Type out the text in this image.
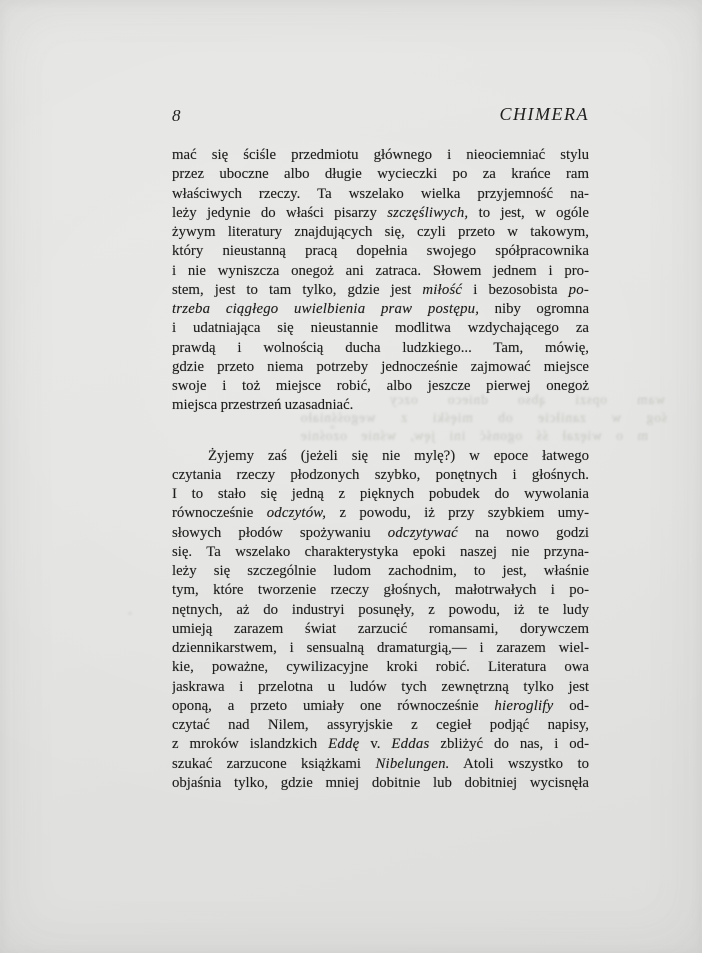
8	CHIMERA
wam opszi ąbso dnieco ozcy
śog w zaniłcie ob mięśki z wegośśniało
m o więzał śś ogonść ini jęw, wśnie ozośnie
mać się ściśle przedmiotu głównego i nieociemniać stylu
przez uboczne albo długie wycieczki po za krańce ram
właściwych rzeczy. Ta wszelako wielka przyjemność na-
leży jedynie do właści pisarzy szczęśliwych, to jest, w ogóle
żywym literatury znajdujących się, czyli przeto w takowym,
który nieustanną pracą dopełnia swojego spółpracownika
i nie wyniszcza onegoż ani zatraca. Słowem jednem i pro-
stem, jest to tam tylko, gdzie jest miłość i bezosobista po-
trzeba ciągłego uwielbienia praw postępu, niby ogromna
i udatniająca się nieustannie modlitwa wzdychającego za
prawdą i wolnością ducha ludzkiego... Tam, mówię,
gdzie przeto niema potrzeby jednocześnie zajmować miejsce
swoje i toż miejsce robić, albo jeszcze pierwej onegoż
miejsca przestrzeń uzasadniać.
Żyjemy zaś (jeżeli się nie mylę?) w epoce łatwego
czytania rzeczy płodzonych szybko, ponętnych i głośnych.
I to stało się jedną z pięknych pobudek do wywolania
równocześnie odczytów, z powodu, iż przy szybkiem umy-
słowych płodów spożywaniu odczytywać na nowo godzi
się. Ta wszelako charakterystyka epoki naszej nie przyna-
leży się szczególnie ludom zachodnim, to jest, właśnie
tym, które tworzenie rzeczy głośnych, małotrwałych i po-
nętnych, aż do industryi posunęły, z powodu, iż te ludy
umieją zarazem świat zarzucić romansami, dorywczem
dziennikarstwem, i sensualną dramaturgią,— i zarazem wiel-
kie, poważne, cywilizacyjne kroki robić. Literatura owa
jaskrawa i przelotna u ludów tych zewnętrzną tylko jest
oponą, a przeto umiały one równocześnie hieroglify od-
czytać nad Nilem, assyryjskie z cegieł podjąć napisy,
z mroków islandzkich Eddę v. Eddas zbliżyć do nas, i od-
szukać zarzucone książkami Nibelungen. Atoli wszystko to
objaśnia tylko, gdzie mniej dobitnie lub dobitniej wycisnęła
